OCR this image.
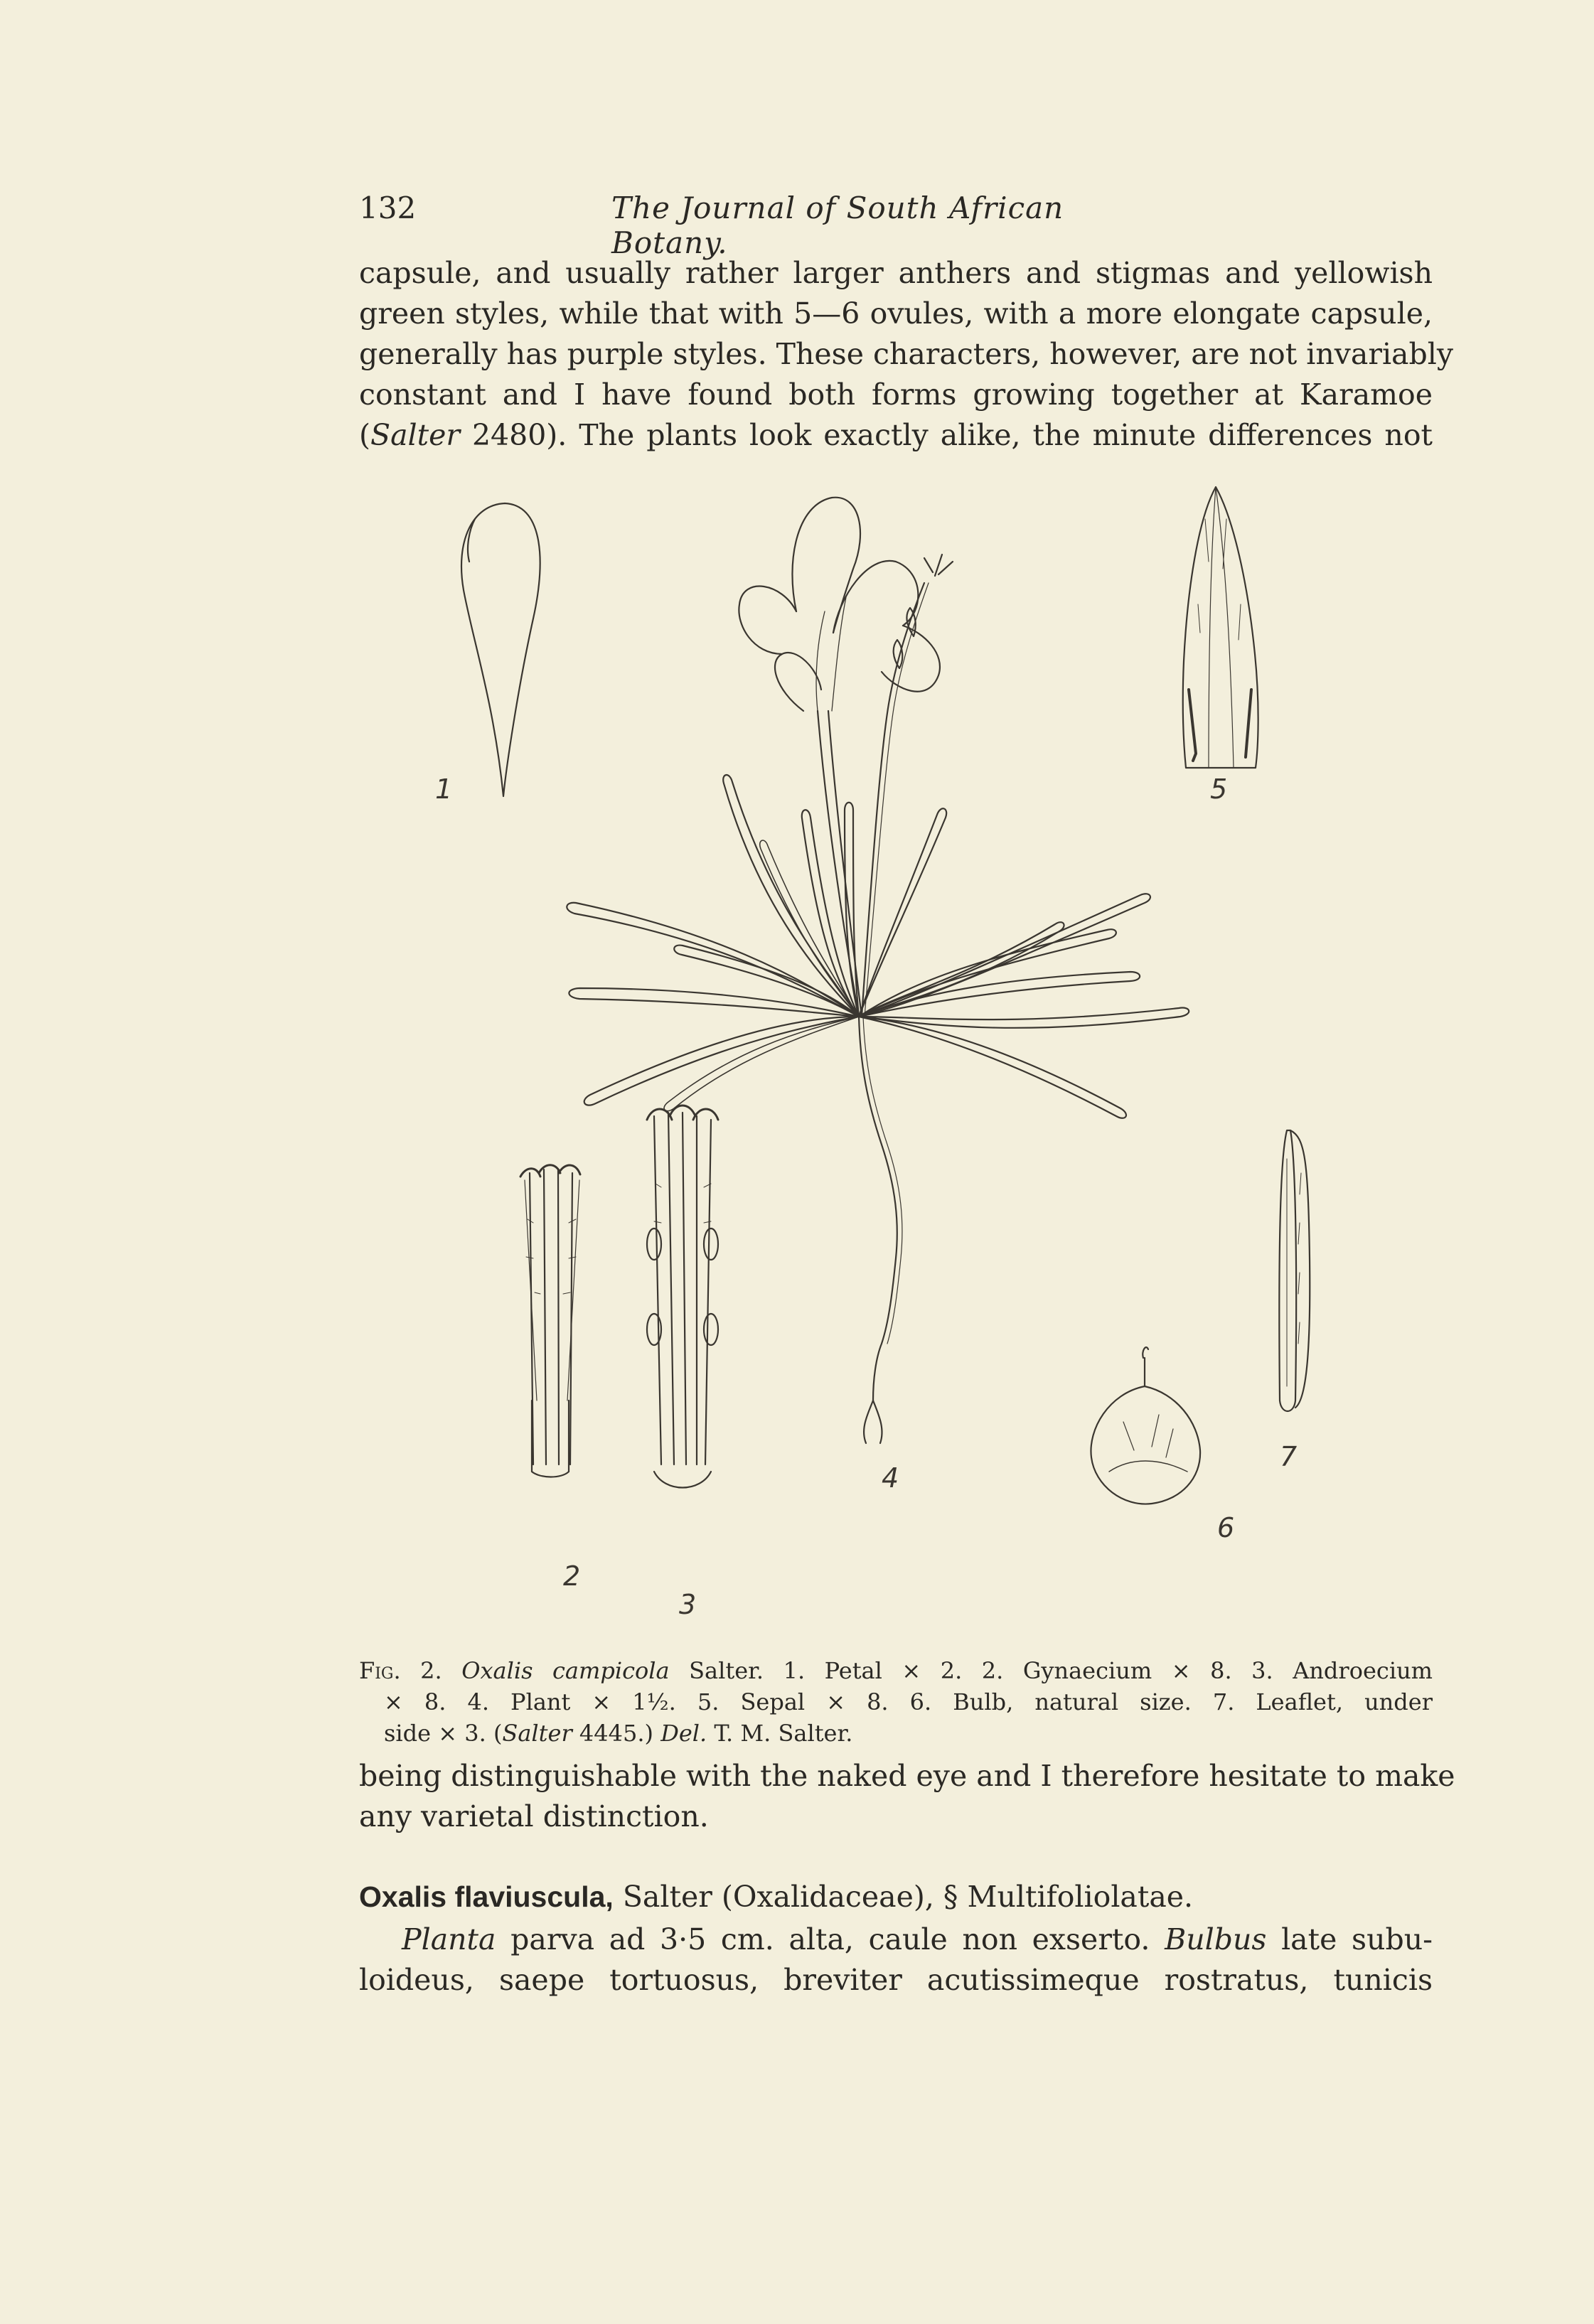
132	The Journal of South African Botany.
capsule, and usually rather larger anthers and stigmas and yellowish
green styles, while that with 5—6 ovules, with a more elongate capsule,
generally has purple styles. These characters, however, are not invariably
constant and I have found both forms growing together at Karamoe
(Salter 2480). The plants look exactly alike, the minute differences not
1
2
3
4
5
6
7
Fig. 2. Oxalis campicola Salter. 1. Petal × 2. 2. Gynaecium × 8. 3. Androecium
× 8. 4. Plant × 1½. 5. Sepal × 8. 6. Bulb, natural size. 7. Leaflet, under
side × 3. (Salter 4445.) Del. T. M. Salter.
being distinguishable with the naked eye and I therefore hesitate to make
any varietal distinction.
Oxalis flaviuscula, Salter (Oxalidaceae), § Multifoliolatae.
Planta parva ad 3·5 cm. alta, caule non exserto. Bulbus late subu-
loideus, saepe tortuosus, breviter acutissimeque rostratus, tunicis
